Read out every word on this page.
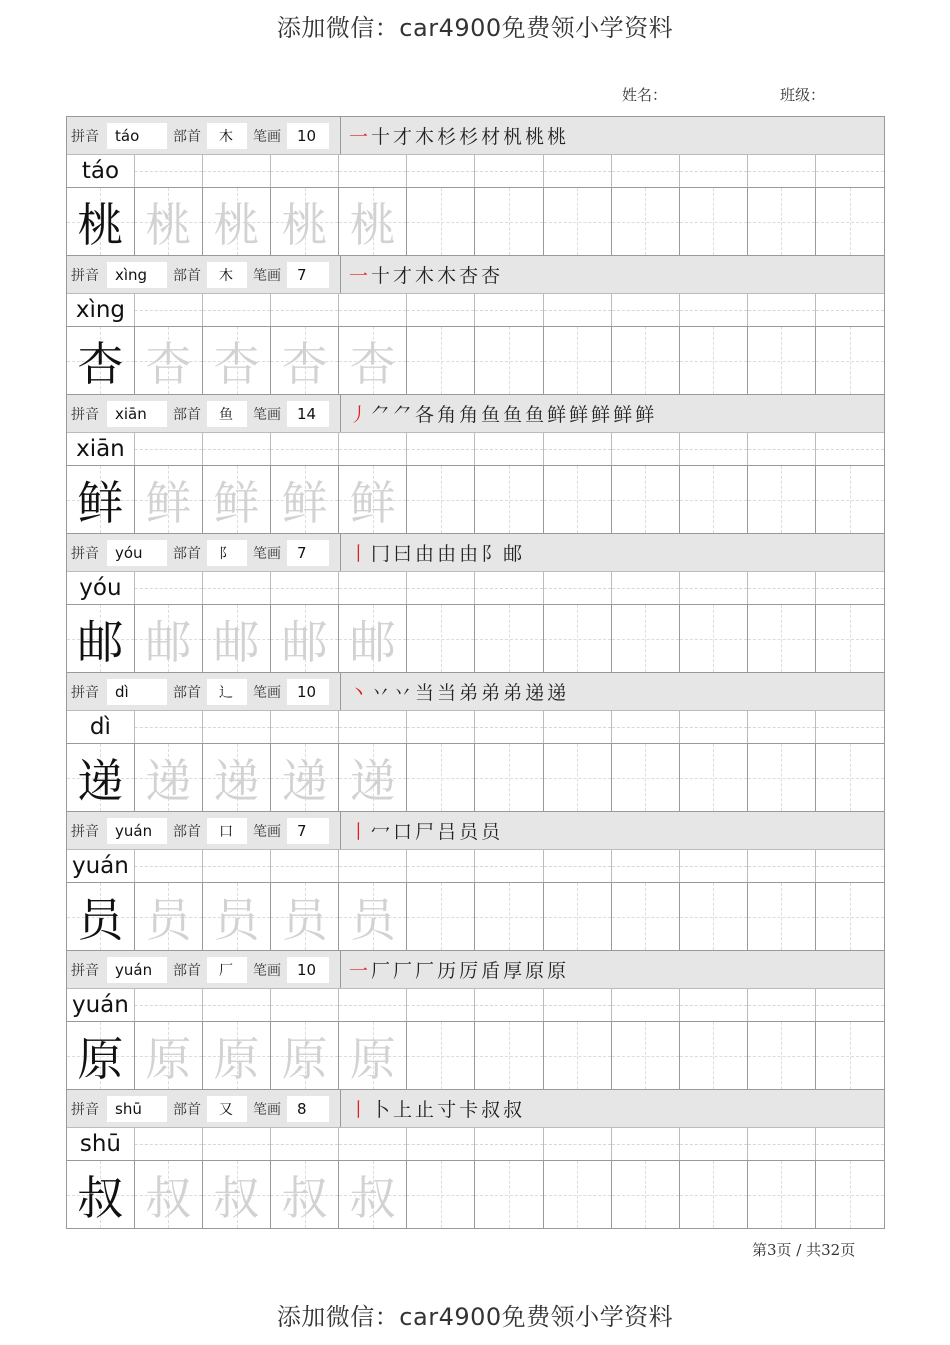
添加微信：car4900免费领小学资料
姓名：	班级：
拼音	táo	部首	木	笔画	10	一 十 才 木 杉 杉 材 杋 桃 桃
táo
桃 桃 桃 桃 桃
拼音	xìng	部首	木	笔画	7	一 十 才 木 木 杏 杏
xìng
杏 杏 杏 杏 杏
拼音	xiān	部首	鱼	笔画	14	丿 ⺈ ⺈ 各 角 角 鱼 鱼 鱼 鲜 鲜 鲜 鲜 鲜
xiān
鲜 鲜 鲜 鲜 鲜
拼音	yóu	部首	阝	笔画	7	丨 冂 曰 由 由 由阝 邮
yóu
邮 邮 邮 邮 邮
拼音	dì	部首	辶	笔画	10	丶 丷 丷 当 当 弟 弟 弟 递 递
dì
递 递 递 递 递
拼音	yuán	部首	口	笔画	7	丨 冖 口 尸 吕 员 员
yuán
员 员 员 员 员
拼音	yuán	部首	厂	笔画	10	一 厂 厂 厂 历 厉 盾 厚 原 原
yuán
原 原 原 原 原
拼音	shū	部首	又	笔画	8	丨 卜 上 止 寸 卡 叔 叔
shū
叔 叔 叔 叔 叔
第3页 / 共32页
添加微信：car4900免费领小学资料
